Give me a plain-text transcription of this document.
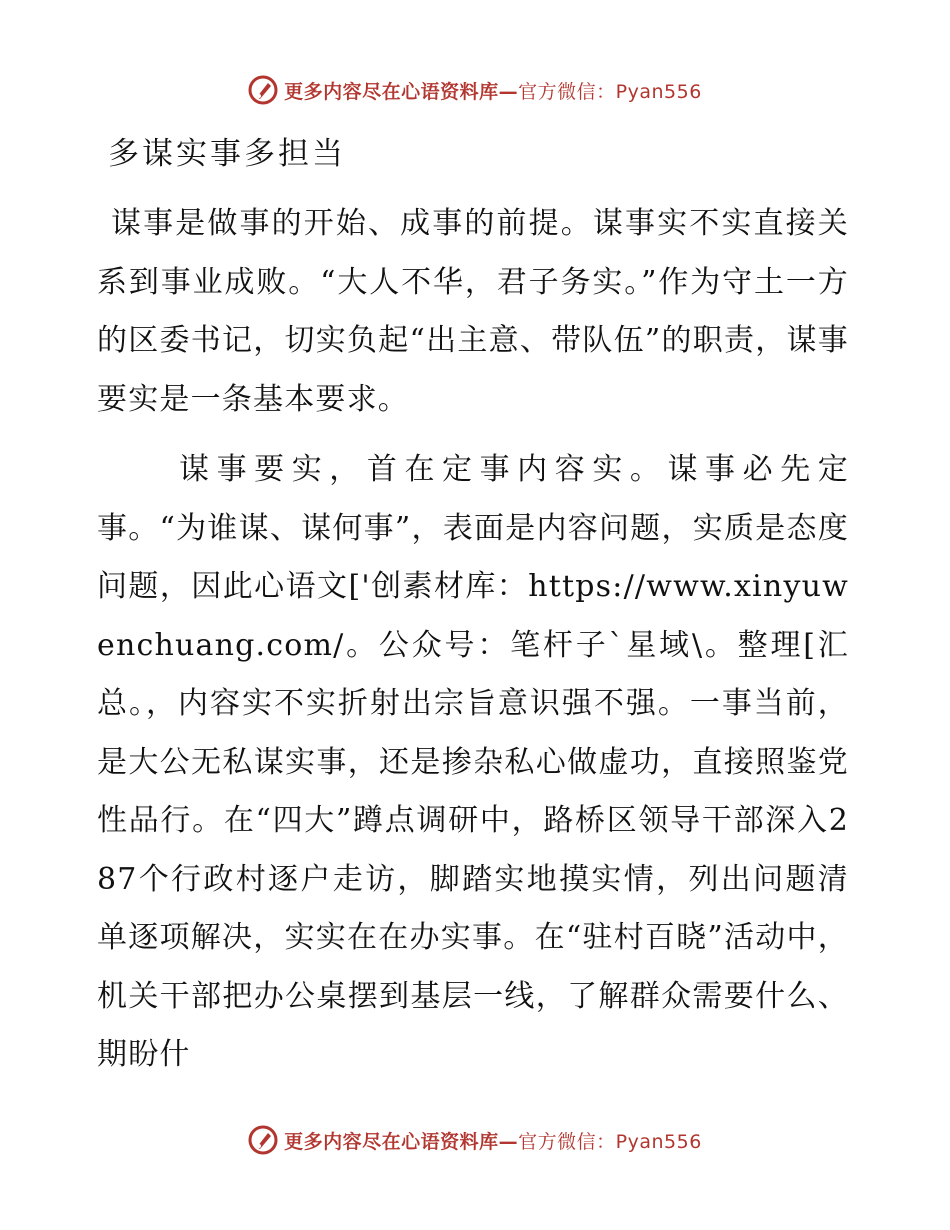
更多内容尽在心语资料库—官方微信：Pyan556
多谋实事多担当

谋事是做事的开始、成事的前提。谋事实不实直接关系到事业成败。“大人不华，君子务实。”作为守土一方的区委书记，切实负起“出主意、带队伍”的职责，谋事要实是一条基本要求。

谋事要实，首在定事内容实。谋事必先定事。“为谁谋、谋何事”，表面是内容问题，实质是态度问题，因此心语文['创素材库：https://www.xinyuwenchuang.com/。公众号：笔杆子`星域\。整理[汇总。，内容实不实折射出宗旨意识强不强。一事当前，是大公无私谋实事，还是掺杂私心做虚功，直接照鉴党性品行。在“四大”蹲点调研中，路桥区领导干部深入287个行政村逐户走访，脚踏实地摸实情，列出问题清单逐项解决，实实在在办实事。在“驻村百晓”活动中，机关干部把办公桌摆到基层一线，了解群众需要什么、期盼什

更多内容尽在心语资料库—官方微信：Pyan556
